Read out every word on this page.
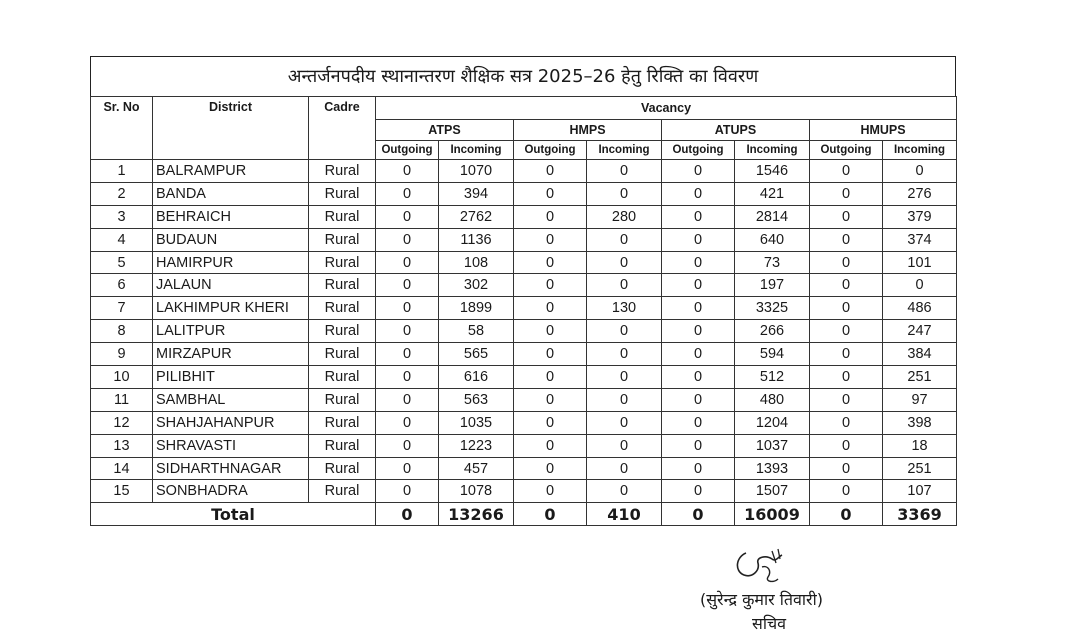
अन्तर्जनपदीय स्थानान्तरण शैक्षिक सत्र 2025–26 हेतु रिक्ति का विवरण
Sr. No	District	Cadre	Vacancy							
			ATPS		HMPS		ATUPS		HMUPS	
			Outgoing	Incoming	Outgoing	Incoming	Outgoing	Incoming	Outgoing	Incoming
1	BALRAMPUR	Rural	0	1070	0	0	0	1546	0	0
2	BANDA	Rural	0	394	0	0	0	421	0	276
3	BEHRAICH	Rural	0	2762	0	280	0	2814	0	379
4	BUDAUN	Rural	0	1136	0	0	0	640	0	374
5	HAMIRPUR	Rural	0	108	0	0	0	73	0	101
6	JALAUN	Rural	0	302	0	0	0	197	0	0
7	LAKHIMPUR KHERI	Rural	0	1899	0	130	0	3325	0	486
8	LALITPUR	Rural	0	58	0	0	0	266	0	247
9	MIRZAPUR	Rural	0	565	0	0	0	594	0	384
10	PILIBHIT	Rural	0	616	0	0	0	512	0	251
11	SAMBHAL	Rural	0	563	0	0	0	480	0	97
12	SHAHJAHANPUR	Rural	0	1035	0	0	0	1204	0	398
13	SHRAVASTI	Rural	0	1223	0	0	0	1037	0	18
14	SIDHARTHNAGAR	Rural	0	457	0	0	0	1393	0	251
15	SONBHADRA	Rural	0	1078	0	0	0	1507	0	107
Total			0	13266	0	410	0	16009	0	3369
(सुरेन्द्र कुमार तिवारी)
सचिव
